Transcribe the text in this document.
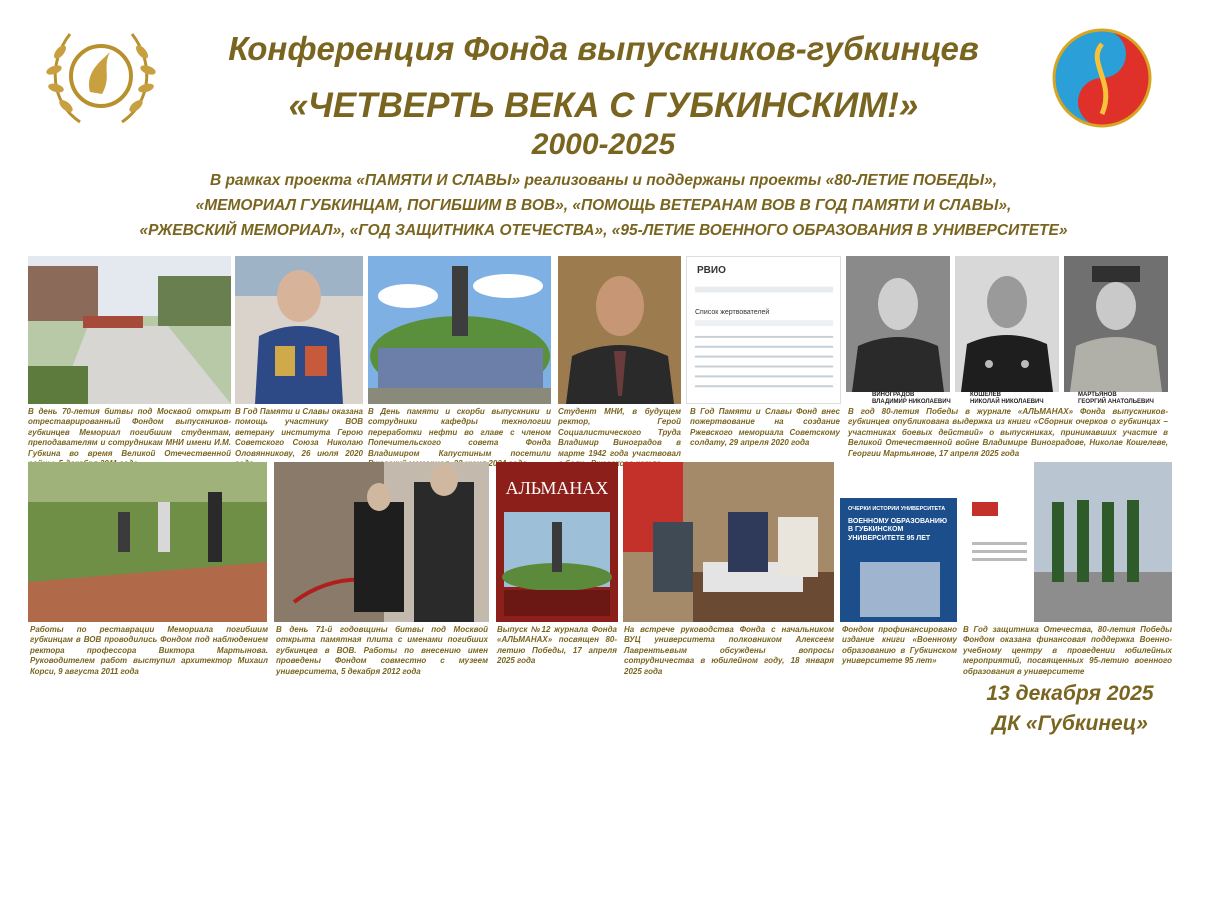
Конференция Фонда выпускников-губкинцев
«ЧЕТВЕРТЬ ВЕКА С ГУБКИНСКИМ!»
2000-2025
В рамках проекта «ПАМЯТИ И СЛАВЫ» реализованы и поддержаны проекты «80-ЛЕТИЕ ПОБЕДЫ»,
«МЕМОРИАЛ ГУБКИНЦАМ, ПОГИБШИМ В ВОВ», «ПОМОЩЬ ВЕТЕРАНАМ ВОВ В ГОД ПАМЯТИ И СЛАВЫ»,
«РЖЕВСКИЙ МЕМОРИАЛ», «ГОД ЗАЩИТНИКА ОТЕЧЕСТВА», «95-ЛЕТИЕ ВОЕННОГО ОБРАЗОВАНИЯ В УНИВЕРСИТЕТЕ»
РВИО
Список жертвователей
ВИНОГРАДОВ
ВЛАДИМИР НИКОЛАЕВИЧ
КОШЕЛЕВ
НИКОЛАЙ НИКОЛАЕВИЧ
МАРТЬЯНОВ
ГЕОРГИЙ АНАТОЛЬЕВИЧ
В день 70-летия битвы под Москвой открыт отреставрированный Фондом выпускников-губкинцев Мемориал погибшим студентам, преподавателям и сотрудникам МНИ имени И.М. Губкина во время Великой Отечественной
В Год Памяти и Славы оказана помощь участнику ВОВ ветерану института Герою Советского Союза Николаю Оловянникову, 26 июля 2020
В День памяти и скорби выпускники и сотрудники кафедры технологии переработки нефти во главе с членом Попечительского совета Фонда Владимиром Капустиным посетили
Студент МНИ, в будущем ректор, Герой Социалистического Труда Владимир Виноградов в марте 1942 года участвовал
В Год Памяти и Славы Фонд внес пожертвование на создание Ржевского мемориала Советскому солдату, 29 апреля 2020 года
В год 80-летия Победы в журнале «АЛЬМАНАХ» Фонда выпускников-губкинцев опубликована выдержка из книги «Сборник очерков о губкинцах – участниках боевых действий» о выпускниках, принимавших участие в Великой Отечественной войне Владимире Виноградове, Николае Кошелеве, Георгии Мартьянове, 17 апреля 2025 года
АЛЬМАНАХ
ОЧЕРКИ ИСТОРИИ УНИВЕРСИТЕТА
ВОЕННОМУ ОБРАЗОВАНИЮ В ГУБКИНСКОМ УНИВЕРСИТЕТЕ 95 ЛЕТ
Работы по реставрации Мемориала погибшим губкинцам в ВОВ проводились Фондом под наблюдением ректора профессора Виктора Мартынова. Руководителем работ выступил архитектор Михаил Корси, 9 августа 2011 года
В день 71-й годовщины битвы под Москвой открыта памятная плита с именами погибших губкинцев в ВОВ. Работы по внесению имен проведены Фондом совместно с музеем университета, 5 декабря 2012 года
Выпуск №12 журнала Фонда «АЛЬМАНАХ» посвящен 80-летию Победы, 17 апреля 2025 года
На встрече руководства Фонда с начальником ВУЦ университета полковником Алексеем Лаврентьевым обсуждены вопросы сотрудничества в юбилейном году, 18 января 2025 года
Фондом профинансировано издание книги «Военному образованию в Губкинском университете 95 лет»
В Год защитника Отечества, 80-летия Победы Фондом оказана финансовая поддержка Военно-учебному центру в проведении юбилейных мероприятий, посвященных 95-летию военного образования в университете
13 декабря 2025
ДК «Губкинец»
